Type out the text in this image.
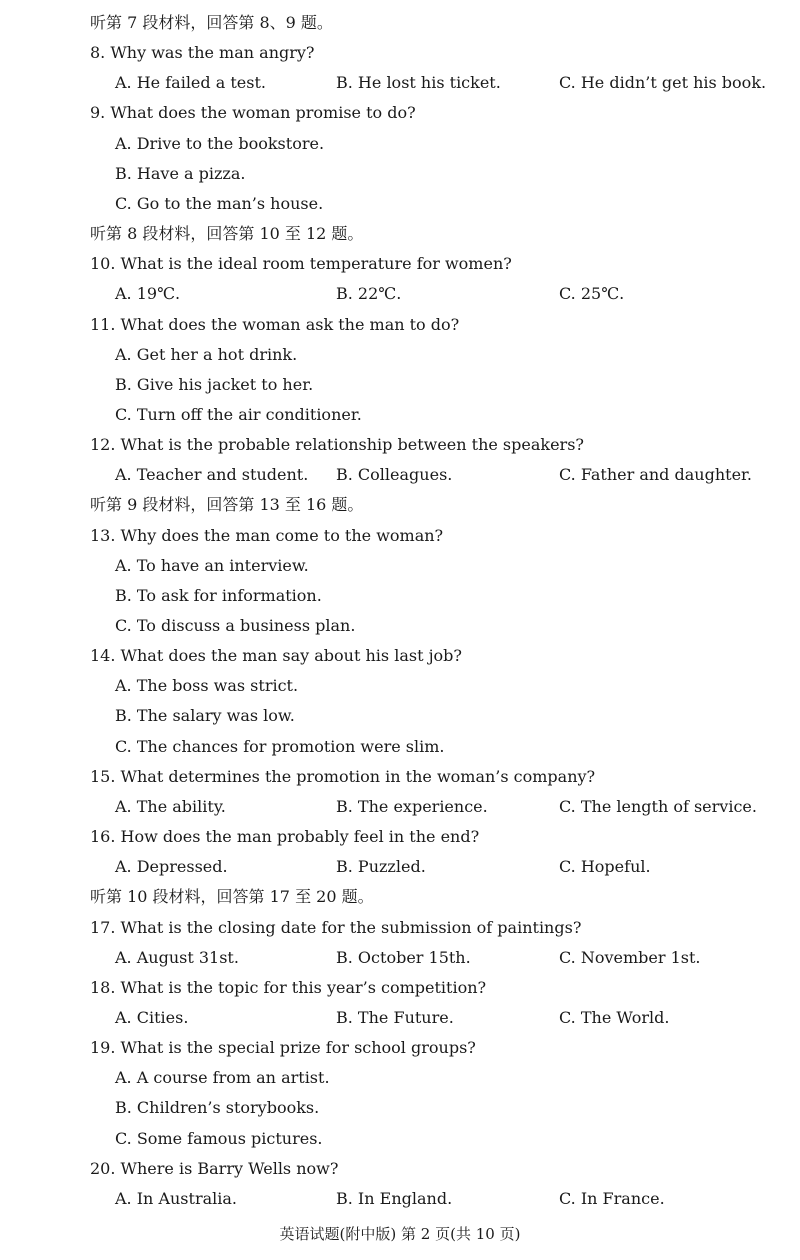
听第 7 段材料，回答第 8、9 题。
8. Why was the man angry?
A. He failed a test.	B. He lost his ticket.	C. He didn’t get his book.
9. What does the woman promise to do?
A. Drive to the bookstore.
B. Have a pizza.
C. Go to the man’s house.
听第 8 段材料，回答第 10 至 12 题。
10. What is the ideal room temperature for women?
A. 19℃.	B. 22℃.	C. 25℃.
11. What does the woman ask the man to do?
A. Get her a hot drink.
B. Give his jacket to her.
C. Turn off the air conditioner.
12. What is the probable relationship between the speakers?
A. Teacher and student. B. Colleagues.	C. Father and daughter.
听第 9 段材料，回答第 13 至 16 题。
13. Why does the man come to the woman?
A. To have an interview.
B. To ask for information.
C. To discuss a business plan.
14. What does the man say about his last job?
A. The boss was strict.
B. The salary was low.
C. The chances for promotion were slim.
15. What determines the promotion in the woman’s company?
A. The ability.	B. The experience.	C. The length of service.
16. How does the man probably feel in the end?
A. Depressed.	B. Puzzled.	C. Hopeful.
听第 10 段材料，回答第 17 至 20 题。
17. What is the closing date for the submission of paintings?
A. August 31st.	B. October 15th.	C. November 1st.
18. What is the topic for this year’s competition?
A. Cities.	B. The Future.	C. The World.
19. What is the special prize for school groups?
A. A course from an artist.
B. Children’s storybooks.
C. Some famous pictures.
20. Where is Barry Wells now?
A. In Australia.	B. In England.	C. In France.
英语试题(附中版) 第 2 页(共 10 页)
